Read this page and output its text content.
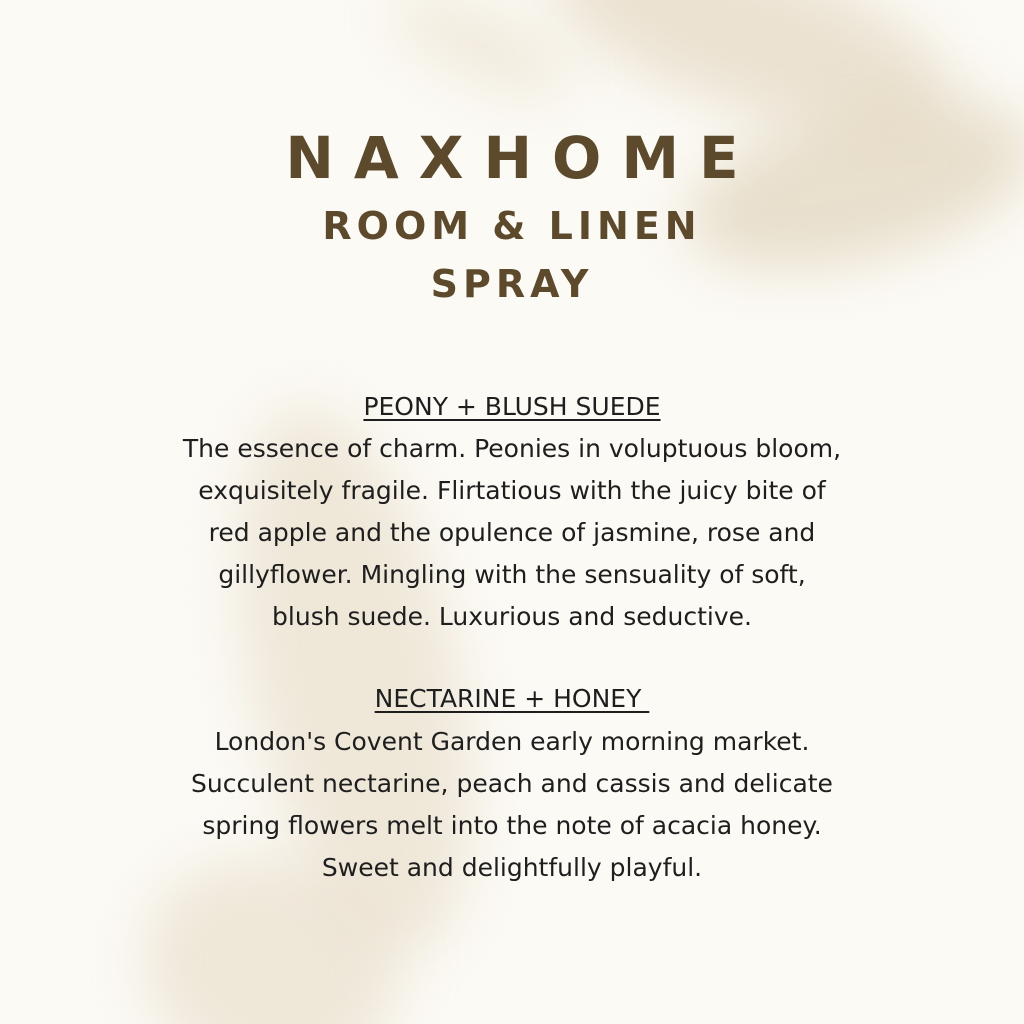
NAXHOME
ROOM & LINEN
SPRAY
PEONY + BLUSH SUEDE
The essence of charm. Peonies in voluptuous bloom,
exquisitely fragile. Flirtatious with the juicy bite of
red apple and the opulence of jasmine, rose and
gillyflower. Mingling with the sensuality of soft,
blush suede. Luxurious and seductive.
NECTARINE + HONEY
London's Covent Garden early morning market.
Succulent nectarine, peach and cassis and delicate
spring flowers melt into the note of acacia honey.
Sweet and delightfully playful.
